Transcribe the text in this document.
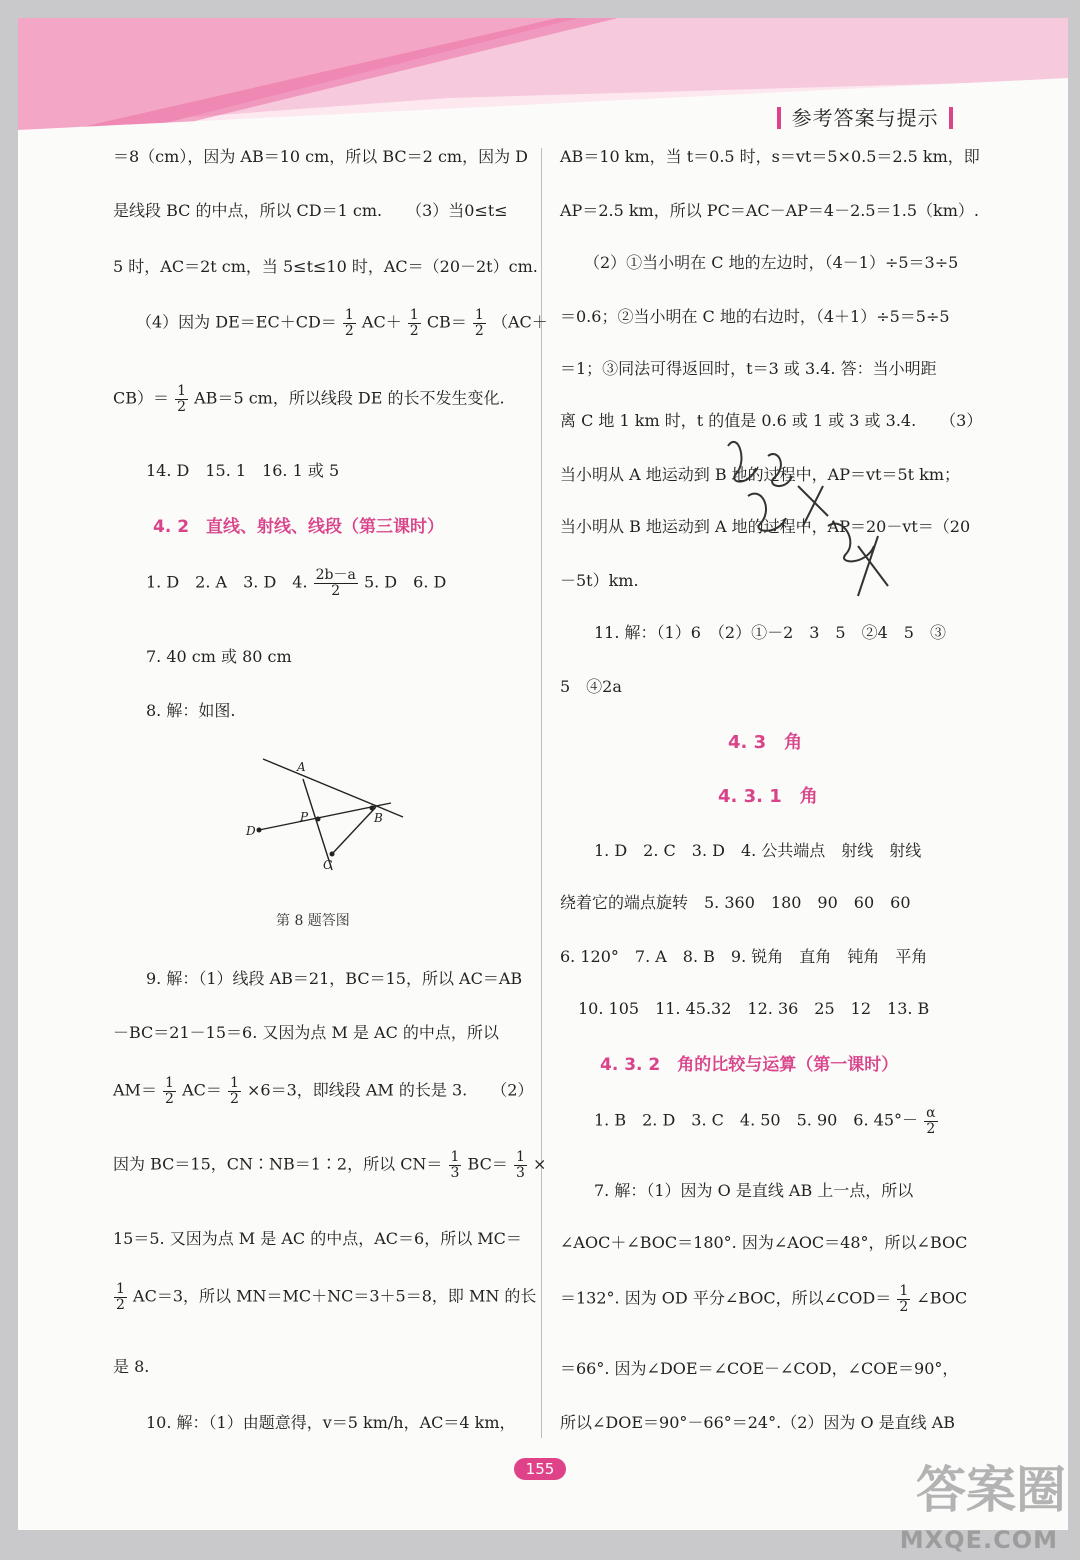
参考答案与提示
＝8（cm），因为 AB＝10 cm，所以 BC＝2 cm，因为 D
是线段 BC 的中点，所以 CD＝1 cm.　　（3）当0≤t≤
5 时，AC＝2t cm，当 5≤t≤10 时，AC＝（20－2t）cm.
（4）因为 $DE=EC+CD= \frac{1}{2} AC+ \frac{1}{2} CB= \frac{1}{2} (AC+$
$CB)= \frac{1}{2} AB=5$ cm，所以线段 DE 的长不发生变化.
14. D　15. 1　16. 1 或 5
4. 2　直线、射线、线段（第三课时）
1. D　2. A　3. D　4. $\frac{2b-a}{2} 5$. D　6. D
7. 40 cm 或 80 cm
8. 解：如图.
A
P	B
D
C
第 8 题答图
9. 解：（1）线段 AB＝21，BC＝15，所以 AC＝AB
－BC＝21－15＝6. 又因为点 M 是 AC 的中点，所以
$AM= \frac{1}{2} AC= \frac{1}{2} \times 6=3$，即线段 AM 的长是 3.　　（2）
因为 BC＝15，CN∶NB＝1∶2，所以 $CN= \frac{1}{3} BC= \frac{1}{3}$ ×
15＝5. 又因为点 M 是 AC 的中点，AC＝6，所以 MC＝
$\frac{1}{2} AC=3$，所以 MN＝MC＋NC＝3＋5＝8，即 MN 的长
是 8.
10. 解：（1）由题意得，v＝5 km/h，AC＝4 km，
AB＝10 km，当 t＝0.5 时，s＝vt＝5×0.5＝2.5 km，即
AP＝2.5 km，所以 PC＝AC－AP＝4－2.5＝1.5（km）.
（2）①当小明在 C 地的左边时，（4－1）÷5＝3÷5
＝0.6；②当小明在 C 地的右边时，（4＋1）÷5＝5÷5
＝1；③同法可得返回时，t＝3 或 3.4. 答：当小明距
离 C 地 1 km 时，t 的值是 0.6 或 1 或 3 或 3.4.　　（3）
当小明从 A 地运动到 B 地的过程中，AP＝vt＝5t km；
当小明从 B 地运动到 A 地的过程中，AP＝20－vt＝（20
－5t）km.
11. 解：（1）6　（2）①－2　3　5　②4　5　③
5　④2a
4. 3　角
4. 3. 1　角
1. D　2. C　3. D　4. 公共端点　射线　射线
绕着它的端点旋转　5. 360　180　90　60　60
6. 120°　7. A　8. B　9. 锐角　直角　钝角　平角
10. 105　11. 45.32　12. 36　25　12　13. B
4. 3. 2　角的比较与运算（第一课时）
1. B　2. D　3. C　4. 50　5. 90　6. $45^\circ- \frac{\alpha}{2}$
7. 解：（1）因为 O 是直线 AB 上一点，所以
∠AOC＋∠BOC＝180°. 因为∠AOC＝48°，所以∠BOC
＝132°. 因为 OD 平分∠BOC，所以∠COD＝ $\frac{1}{2}$ ∠BOC
＝66°. 因为∠DOE＝∠COE－∠COD，∠COE＝90°，
所以∠DOE＝90°－66°＝24°.（2）因为 O 是直线 AB
155	答案圈
MXQE.COM
